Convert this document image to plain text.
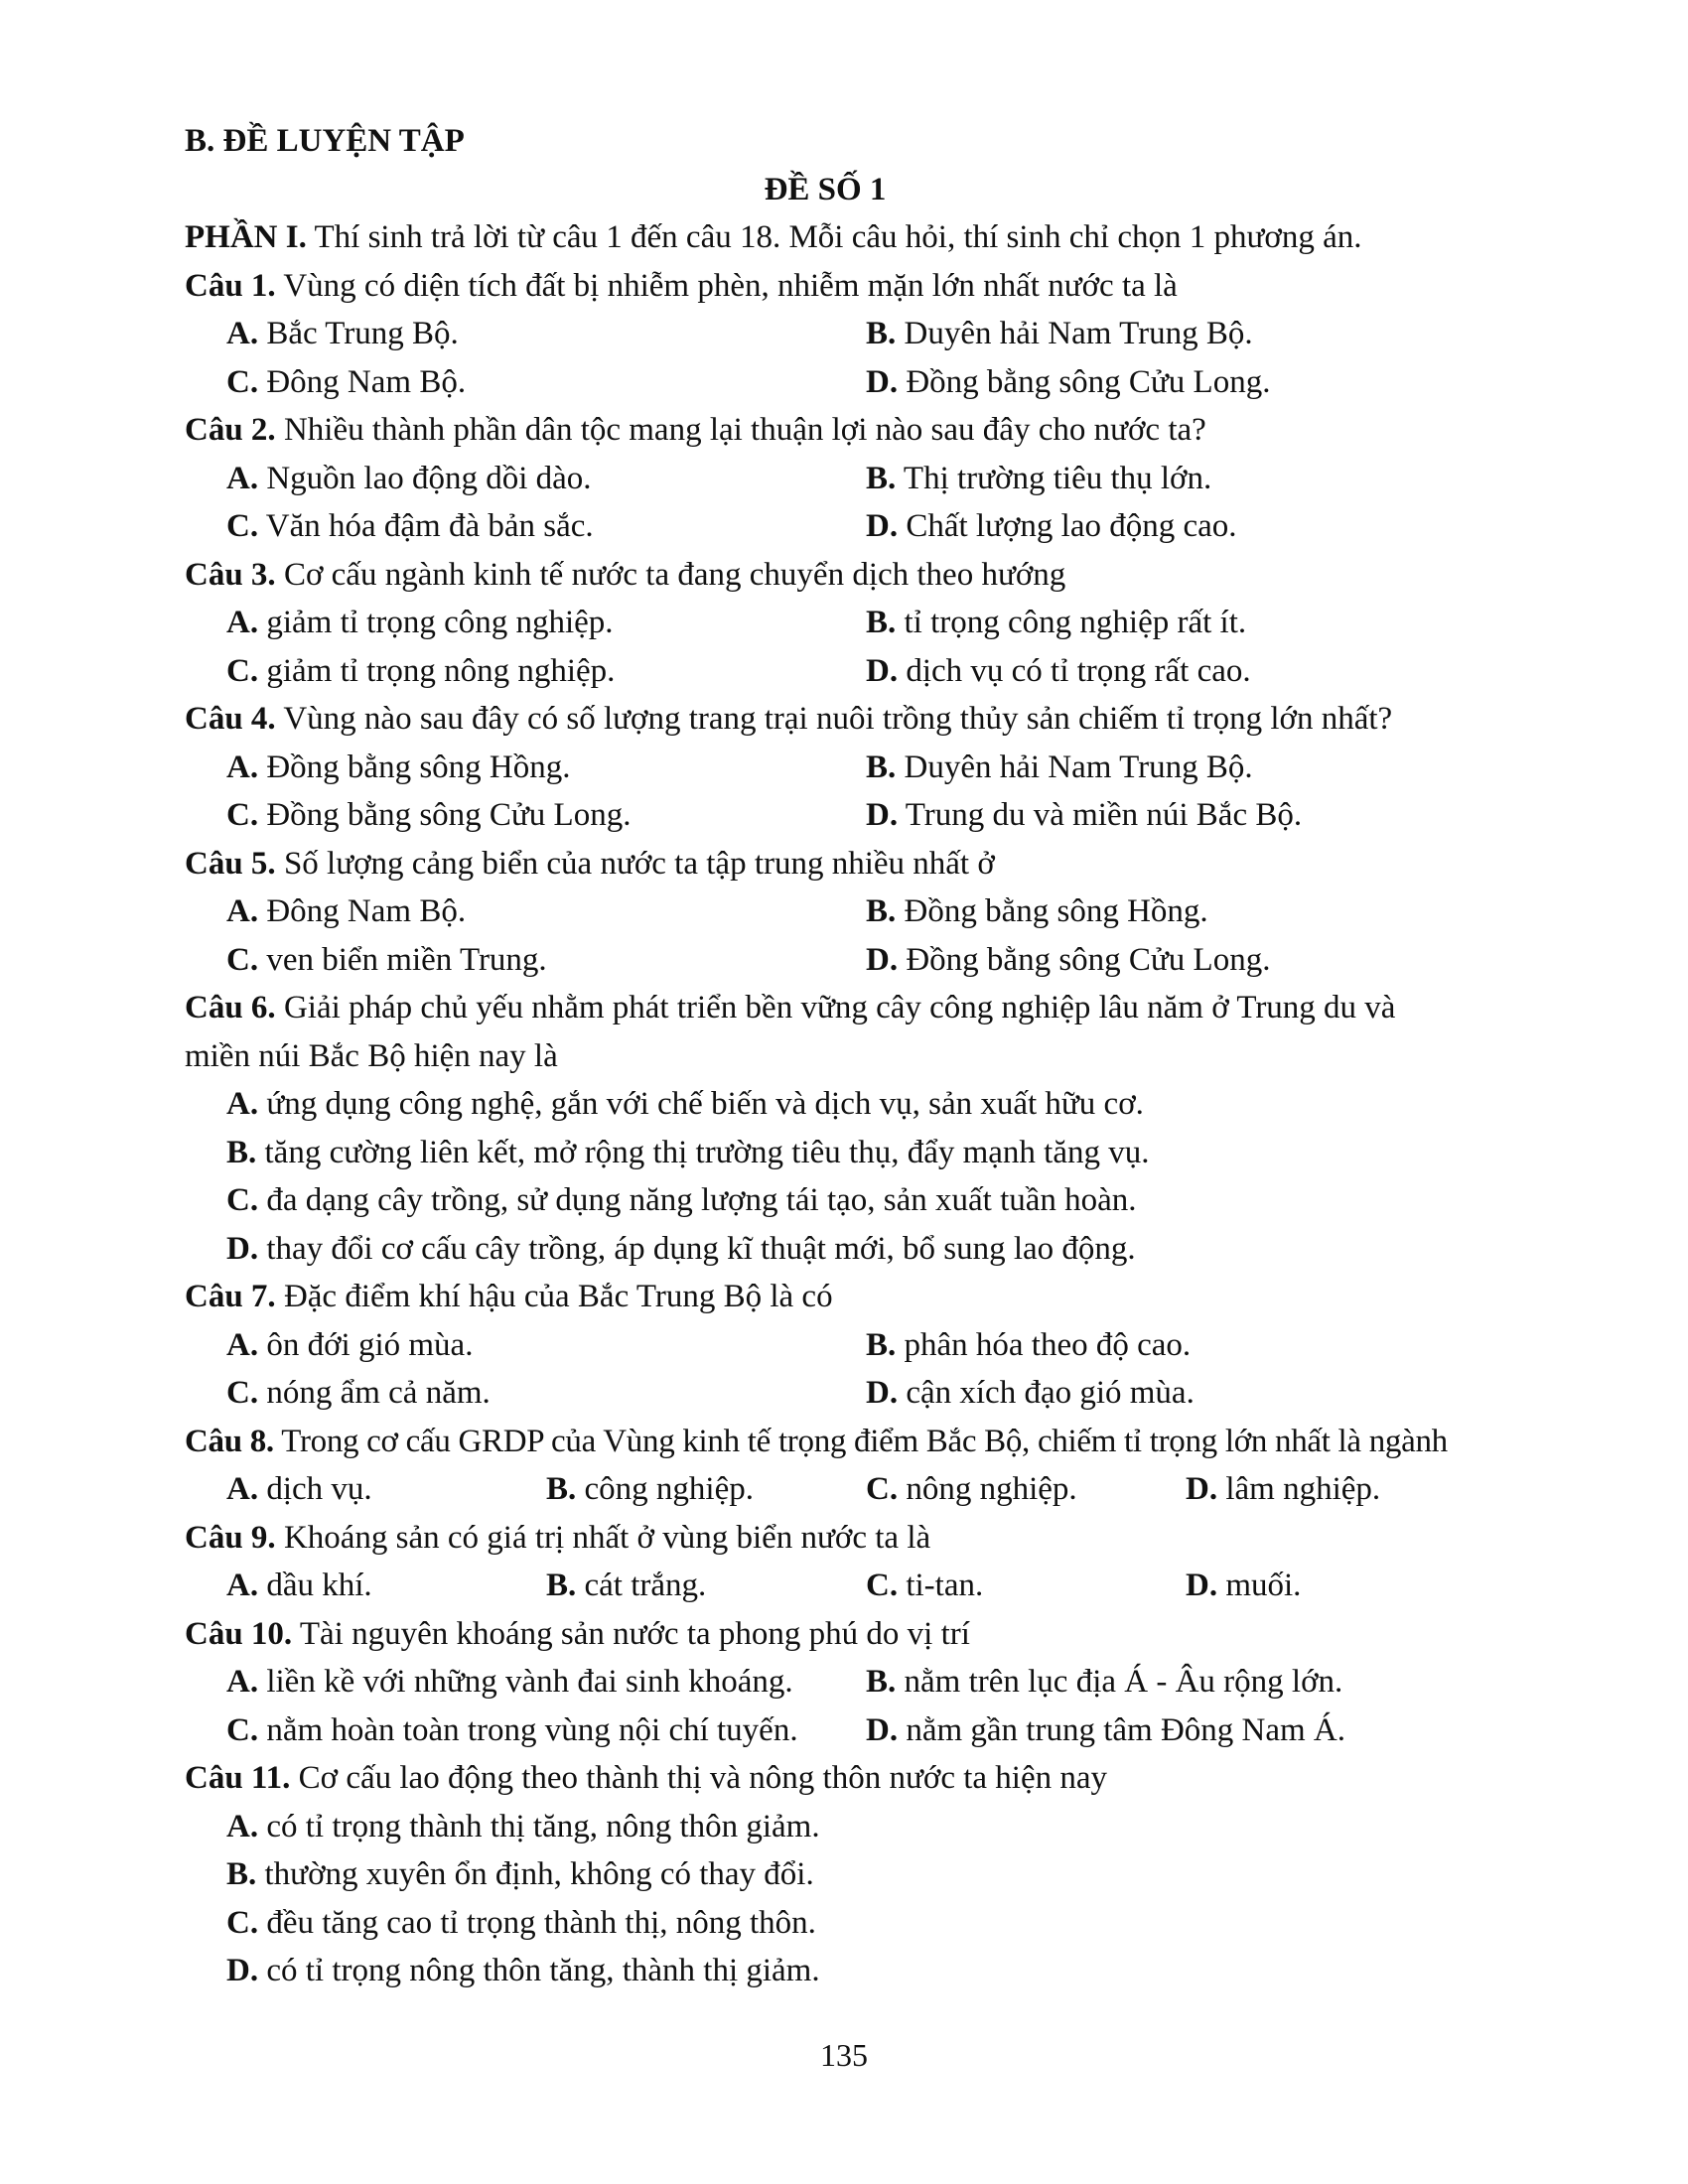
B. ĐỀ LUYỆN TẬP
ĐỀ SỐ 1
PHẦN I. Thí sinh trả lời từ câu 1 đến câu 18. Mỗi câu hỏi, thí sinh chỉ chọn 1 phương án.
Câu 1. Vùng có diện tích đất bị nhiễm phèn, nhiễm mặn lớn nhất nước ta là
A. Bắc Trung Bộ.	B. Duyên hải Nam Trung Bộ.
C. Đông Nam Bộ.	D. Đồng bằng sông Cửu Long.
Câu 2. Nhiều thành phần dân tộc mang lại thuận lợi nào sau đây cho nước ta?
A. Nguồn lao động dồi dào.	B. Thị trường tiêu thụ lớn.
C. Văn hóa đậm đà bản sắc.	D. Chất lượng lao động cao.
Câu 3. Cơ cấu ngành kinh tế nước ta đang chuyển dịch theo hướng
A. giảm tỉ trọng công nghiệp.	B. tỉ trọng công nghiệp rất ít.
C. giảm tỉ trọng nông nghiệp.	D. dịch vụ có tỉ trọng rất cao.
Câu 4. Vùng nào sau đây có số lượng trang trại nuôi trồng thủy sản chiếm tỉ trọng lớn nhất?
A. Đồng bằng sông Hồng.	B. Duyên hải Nam Trung Bộ.
C. Đồng bằng sông Cửu Long.	D. Trung du và miền núi Bắc Bộ.
Câu 5. Số lượng cảng biển của nước ta tập trung nhiều nhất ở
A. Đông Nam Bộ.	B. Đồng bằng sông Hồng.
C. ven biển miền Trung.	D. Đồng bằng sông Cửu Long.
Câu 6. Giải pháp chủ yếu nhằm phát triển bền vững cây công nghiệp lâu năm ở Trung du và
miền núi Bắc Bộ hiện nay là
A. ứng dụng công nghệ, gắn với chế biến và dịch vụ, sản xuất hữu cơ.
B. tăng cường liên kết, mở rộng thị trường tiêu thụ, đẩy mạnh tăng vụ.
C. đa dạng cây trồng, sử dụng năng lượng tái tạo, sản xuất tuần hoàn.
D. thay đổi cơ cấu cây trồng, áp dụng kĩ thuật mới, bổ sung lao động.
Câu 7. Đặc điểm khí hậu của Bắc Trung Bộ là có
A. ôn đới gió mùa.	B. phân hóa theo độ cao.
C. nóng ẩm cả năm.	D. cận xích đạo gió mùa.
Câu 8. Trong cơ cấu GRDP của Vùng kinh tế trọng điểm Bắc Bộ, chiếm tỉ trọng lớn nhất là ngành
A. dịch vụ.	B. công nghiệp.	C. nông nghiệp.	D. lâm nghiệp.
Câu 9. Khoáng sản có giá trị nhất ở vùng biển nước ta là
A. dầu khí.	B. cát trắng.	C. ti-tan.	D. muối.
Câu 10. Tài nguyên khoáng sản nước ta phong phú do vị trí
A. liền kề với những vành đai sinh khoáng.	B. nằm trên lục địa Á - Âu rộng lớn.
C. nằm hoàn toàn trong vùng nội chí tuyến.	D. nằm gần trung tâm Đông Nam Á.
Câu 11. Cơ cấu lao động theo thành thị và nông thôn nước ta hiện nay
A. có tỉ trọng thành thị tăng, nông thôn giảm.
B. thường xuyên ổn định, không có thay đổi.
C. đều tăng cao tỉ trọng thành thị, nông thôn.
D. có tỉ trọng nông thôn tăng, thành thị giảm.
135
